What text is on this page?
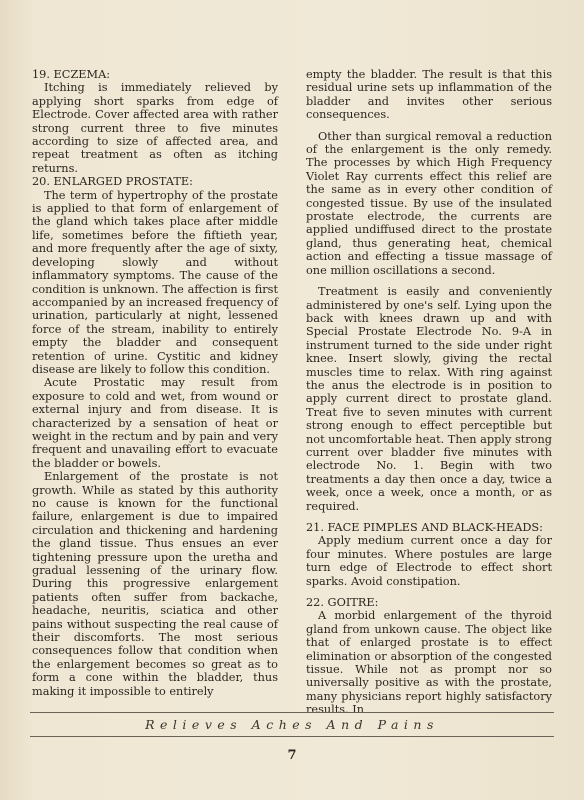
19. ECZEMA:

Itching is immediately relieved by applying short sparks from edge of Electrode. Cover affected area with rather strong current three to five minutes according to size of affected area, and repeat treatment as often as itching returns.

20. ENLARGED PROSTATE:

The term of hypertrophy of the prostate is applied to that form of enlargement of the gland which takes place after middle life, sometimes before the fiftieth year, and more frequently after the age of sixty, developing slowly and without inflammatory symptoms. The cause of the condition is unknown. The affection is first accompanied by an increased frequency of urination, particularly at night, lessened force of the stream, inability to entirely empty the bladder and consequent retention of urine. Cystitic and kidney disease are likely to follow this condition.

Acute Prostatic may result from exposure to cold and wet, from wound or external injury and from disease. It is characterized by a sensation of heat or weight in the rectum and by pain and very frequent and unavailing effort to evacuate the bladder or bowels.

Enlargement of the prostate is not growth. While as stated by this authority no cause is known for the functional failure, enlargement is due to impaired circulation and thickening and hardening the gland tissue. Thus ensues an ever tightening pressure upon the uretha and gradual lessening of the urinary flow. During this progressive enlargement patients often suffer from backache, headache, neuritis, sciatica and other pains without suspecting the real cause of their discomforts. The most serious consequences follow that condition when the enlargement becomes so great as to form a cone within the bladder, thus making it impossible to entirely

empty the bladder. The result is that this residual urine sets up inflammation of the bladder and invites other serious consequences.

Other than surgical removal a reduction of the enlargement is the only remedy. The processes by which High Frequency Violet Ray currents effect this relief are the same as in every other condition of congested tissue. By use of the insulated prostate electrode, the currents are applied undiffused direct to the prostate gland, thus generating heat, chemical action and effecting a tissue massage of one million oscillations a second.

Treatment is easily and conveniently administered by one's self. Lying upon the back with knees drawn up and with Special Prostate Electrode No. 9-A in instrument turned to the side under right knee. Insert slowly, giving the rectal muscles time to relax. With ring against the anus the electrode is in position to apply current direct to prostate gland. Treat five to seven minutes with current strong enough to effect perceptible but not uncomfortable heat. Then apply strong current over bladder five minutes with electrode No. 1. Begin with two treatments a day then once a day, twice a week, once a week, once a month, or as required.

21. FACE PIMPLES AND BLACK-HEADS:

Apply medium current once a day for four minutes. Where postules are large turn edge of Electrode to effect short sparks. Avoid constipation.

22. GOITRE:

A morbid enlargement of the thyroid gland from unkown cause. The object like that of enlarged prostate is to effect elimination or absorption of the congested tissue. While not as prompt nor so universally positive as with the prostate, many physicians report highly satisfactory results. In

Relieves Aches And Pains
7
